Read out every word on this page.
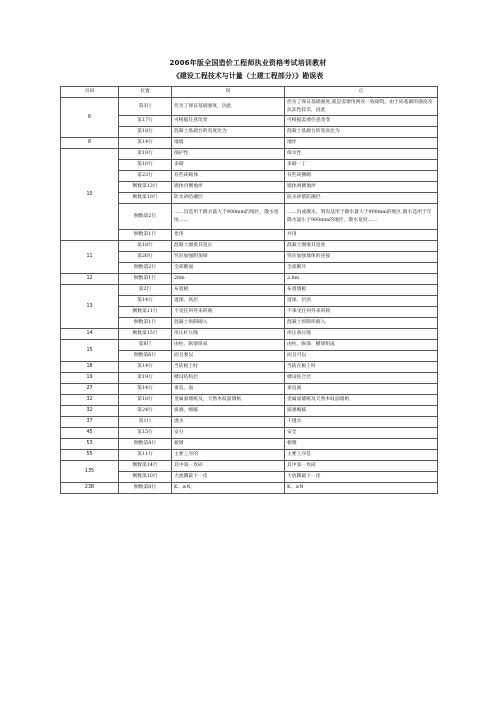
2006年版全国造价工程师执业资格考试培训教材
《建设工程技术与计量（土建工程部分）》勘误表
页码	位置	误	正
6	第3行	但为了保证基础强度，因此	但为了保证基础强度,就是需要用两皮一收砌筑，由于砖基础的强度及抗冻性较差，因此
	第17行	可根据任意改变	可根据需要任意改变
	第18行	混凝土基础台阶宽度比为	混凝土基础台阶宽高比为
8	第14行	地墙	地坪
10	第10行	保护性	保水性
	第16行	多砌	多砌一丁
	第23行	有些砖砌体	有些砖侧砌
	倒数第13行	墙体内侧地坪	墙体两侧地坪
	倒数第10行	防水砂防潮层	防水砂浆防潮层
	倒数第2行	……沟适用于降水量大于900mm的地区，散水宽度……	……沟或散水，明沟适用于降水量大于900mm的地区,散水适用于年降水量小于900mm的地区，散水宽度……
	倒数第1行	也用	并用
11	第18行	混凝土圈梁其宽长	混凝土圈梁其宽度
	第26行	竖向加强附加梁	竖向加强墙体的连接
	倒数第2行	全部断面	全部断开
12	倒数第1行	28m	2.8m
13	第2行	布置板	布置墙板
	第14行	进深、高层	进深、层高
	倒数第11行	不受任何外来荷载	不承受任何外来荷载
	倒数第1行	混凝土预制砌入	混凝土预制块砌入
14	倒数第15行	用压杆压缝	用压条压缝
15	第8行	由柱、纵梁组成	由柱、纵梁、横梁组成
	倒数第6行	而且要以	而且可以
18	第14行	当防板上时	当防在板上时
19	第19行	楼设结构层	楼设结合层
27	第14行	垂直，面	垂直面
32	第18行	金属面墙纸及，天然木纹面墙纸	金属面墙纸及天然木纹面墙纸
32	第24行	质感，细腻	质感细腻
37	第1行	透水	不透水
45	第15行	安分	安全
53	倒数第8行	板墩	板墩
55	第11行	主要工序的	主要工序是
135	倒数第14行	其中第一皮砖	其中第一皮砖
	倒数第10行	大流撕最下一皮	大放脚最下一皮
238	倒数第6行	K、≥N。	K、≥N
